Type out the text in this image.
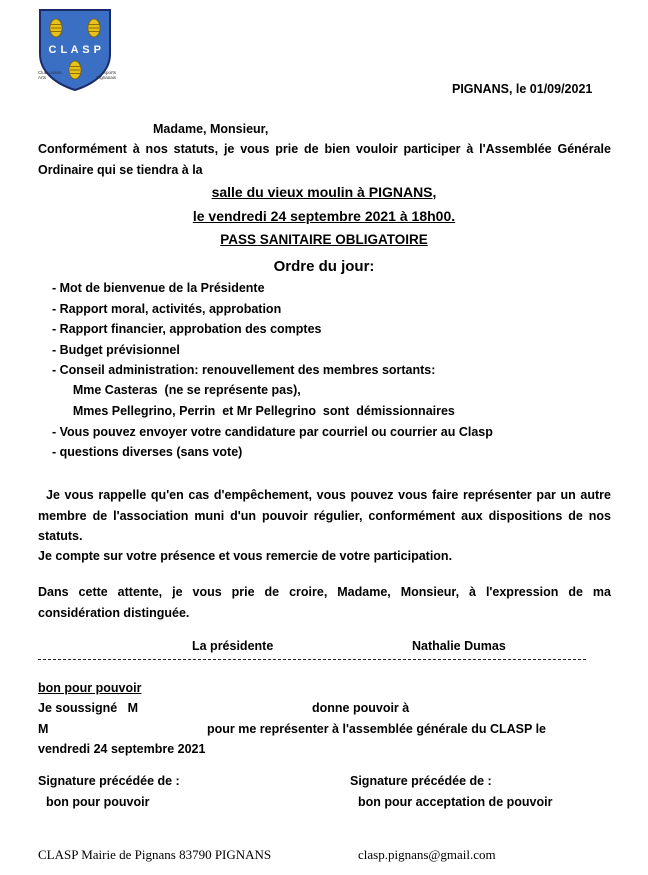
C L A S P
Club Loisirs Arts
Sports Pignanais
PIGNANS, le 01/09/2021
Madame, Monsieur,
Conformément à nos statuts, je vous prie de bien vouloir participer à l'Assemblée Générale Ordinaire qui se tiendra à la
salle du vieux moulin à PIGNANS,
le vendredi 24 septembre 2021 à 18h00.
PASS SANITAIRE OBLIGATOIRE
Ordre du jour:
- Mot de bienvenue de la Présidente
- Rapport moral, activités, approbation
- Rapport financier, approbation des comptes
- Budget prévisionnel
- Conseil administration: renouvellement des membres sortants:
Mme Casteras  (ne se représente pas),
Mmes Pellegrino, Perrin  et Mr Pellegrino  sont  démissionnaires
- Vous pouvez envoyer votre candidature par courriel ou courrier au Clasp
- questions diverses (sans vote)
Je vous rappelle qu'en cas d'empêchement, vous pouvez vous faire représenter par un autre membre de l'association muni d'un pouvoir régulier, conformément aux dispositions de nos statuts.
Je compte sur votre présence et vous remercie de votre participation.
Dans cette attente, je vous prie de croire, Madame, Monsieur, à l'expression de ma considération distinguée.
La présidente	Nathalie Dumas
bon pour pouvoir
Je soussigné   M	donne pouvoir à
M	pour me représenter à l'assemblée générale du CLASP le
vendredi 24 septembre 2021
Signature précédée de :
bon pour pouvoir
Signature précédée de :
bon pour acceptation de pouvoir
CLASP Mairie de Pignans 83790 PIGNANS	clasp.pignans@gmail.com
